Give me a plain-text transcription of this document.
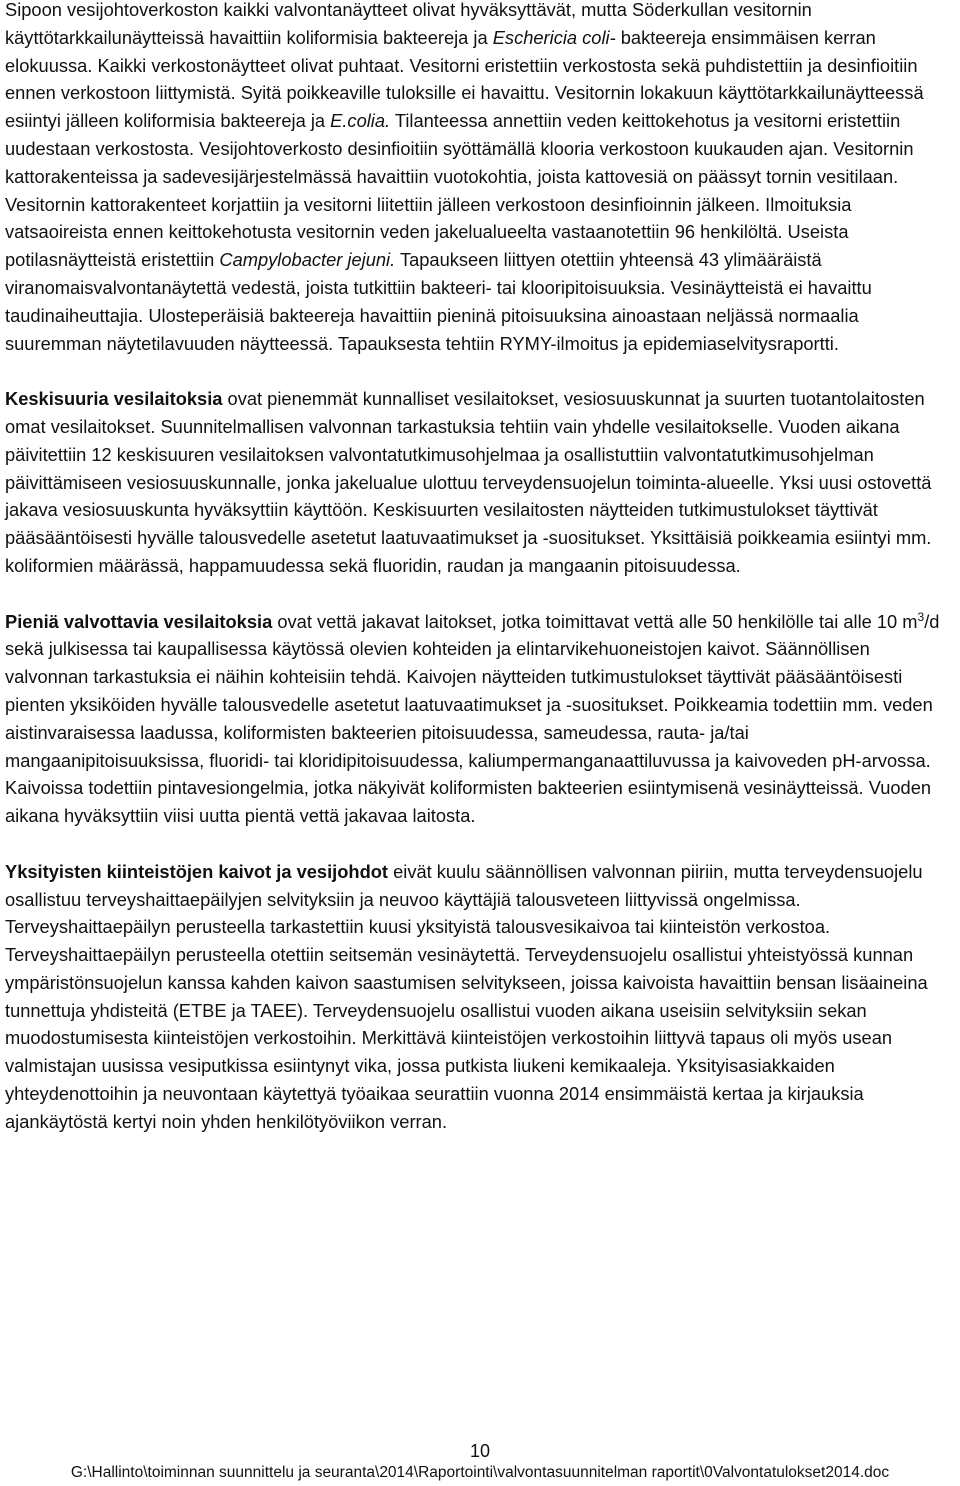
Sipoon vesijohtoverkoston kaikki valvontanäytteet olivat hyväksyttävät, mutta Söderkullan vesitornin käyttötarkkailunäytteissä havaittiin koliformisia bakteereja ja Eschericia coli- bakteereja ensimmäisen kerran elokuussa. Kaikki verkostonäytteet olivat puhtaat. Vesitorni eristettiin verkostosta sekä puhdistettiin ja desinfioitiin ennen verkostoon liittymistä. Syitä poikkeaville tuloksille ei havaittu. Vesitornin lokakuun käyttötarkkailunäytteessä esiintyi jälleen koliformisia bakteereja ja E.colia. Tilanteessa annettiin veden keittokehotus ja vesitorni eristettiin uudestaan verkostosta. Vesijohtoverkosto desinfioitiin syöttämällä klooria verkostoon kuukauden ajan. Vesitornin kattorakenteissa ja sadevesijärjestelmässä havaittiin vuotokohtia, joista kattovesiä on päässyt tornin vesitilaan. Vesitornin kattorakenteet korjattiin ja vesitorni liitettiin jälleen verkostoon desinfioinnin jälkeen. Ilmoituksia vatsaoireista ennen keittokehotusta vesitornin veden jakelualueelta vastaanotettiin 96 henkilöltä. Useista potilasnäytteistä eristettiin Campylobacter jejuni. Tapaukseen liittyen otettiin yhteensä 43 ylimääräistä viranomaisvalvontanäytettä vedestä, joista tutkittiin bakteeri- tai klooripitoisuuksia. Vesinäytteistä ei havaittu taudinaiheuttajia. Ulosteperäisiä bakteereja havaittiin pieninä pitoisuuksina ainoastaan neljässä normaalia suuremman näytetilavuuden näytteessä. Tapauksesta tehtiin RYMY-ilmoitus ja epidemiaselvitysraportti.

Keskisuuria vesilaitoksia ovat pienemmät kunnalliset vesilaitokset, vesiosuuskunnat ja suurten tuotantolaitosten omat vesilaitokset. Suunnitelmallisen valvonnan tarkastuksia tehtiin vain yhdelle vesilaitokselle. Vuoden aikana päivitettiin 12 keskisuuren vesilaitoksen valvontatutkimusohjelmaa ja osallistuttiin valvontatutkimusohjelman päivittämiseen vesiosuuskunnalle, jonka jakelualue ulottuu terveydensuojelun toiminta-alueelle. Yksi uusi ostovettä jakava vesiosuuskunta hyväksyttiin käyttöön. Keskisuurten vesilaitosten näytteiden tutkimustulokset täyttivät pääsääntöisesti hyvälle talousvedelle asetetut laatuvaatimukset ja -suositukset. Yksittäisiä poikkeamia esiintyi mm. koliformien määrässä, happamuudessa sekä fluoridin, raudan ja mangaanin pitoisuudessa.

Pieniä valvottavia vesilaitoksia ovat vettä jakavat laitokset, jotka toimittavat vettä alle 50 henkilölle tai alle 10 $m^3/d$ sekä julkisessa tai kaupallisessa käytössä olevien kohteiden ja elintarvikehuoneistojen kaivot. Säännöllisen valvonnan tarkastuksia ei näihin kohteisiin tehdä. Kaivojen näytteiden tutkimustulokset täyttivät pääsääntöisesti pienten yksiköiden hyvälle talousvedelle asetetut laatuvaatimukset ja -suositukset. Poikkeamia todettiin mm. veden aistinvaraisessa laadussa, koliformisten bakteerien pitoisuudessa, sameudessa, rauta- ja/tai mangaanipitoisuuksissa, fluoridi- tai kloridipitoisuudessa, kaliumpermanganaattiluvussa ja kaivoveden pH-arvossa. Kaivoissa todettiin pintavesiongelmia, jotka näkyivät koliformisten bakteerien esiintymisenä vesinäytteissä. Vuoden aikana hyväksyttiin viisi uutta pientä vettä jakavaa laitosta.

Yksityisten kiinteistöjen kaivot ja vesijohdot eivät kuulu säännöllisen valvonnan piiriin, mutta terveydensuojelu osallistuu terveyshaittaepäilyjen selvityksiin ja neuvoo käyttäjiä talousveteen liittyvissä ongelmissa. Terveyshaittaepäilyn perusteella tarkastettiin kuusi yksityistä talousvesikaivoa tai kiinteistön verkostoa. Terveyshaittaepäilyn perusteella otettiin seitsemän vesinäytettä. Terveydensuojelu osallistui yhteistyössä kunnan ympäristönsuojelun kanssa kahden kaivon saastumisen selvitykseen, joissa kaivoista havaittiin bensan lisäaineina tunnettuja yhdisteitä (ETBE ja TAEE). Terveydensuojelu osallistui vuoden aikana useisiin selvityksiin sekan muodostumisesta kiinteistöjen verkostoihin. Merkittävä kiinteistöjen verkostoihin liittyvä tapaus oli myös usean valmistajan uusissa vesiputkissa esiintynyt vika, jossa putkista liukeni kemikaaleja. Yksityisasiakkaiden yhteydenottoihin ja neuvontaan käytettyä työaikaa seurattiin vuonna 2014 ensimmäistä kertaa ja kirjauksia ajankäytöstä kertyi noin yhden henkilötyöviikon verran.

10
G:\Hallinto\toiminnan suunnittelu ja seuranta\2014\Raportointi\valvontasuunnitelman raportit\0Valvontatulokset2014.doc
